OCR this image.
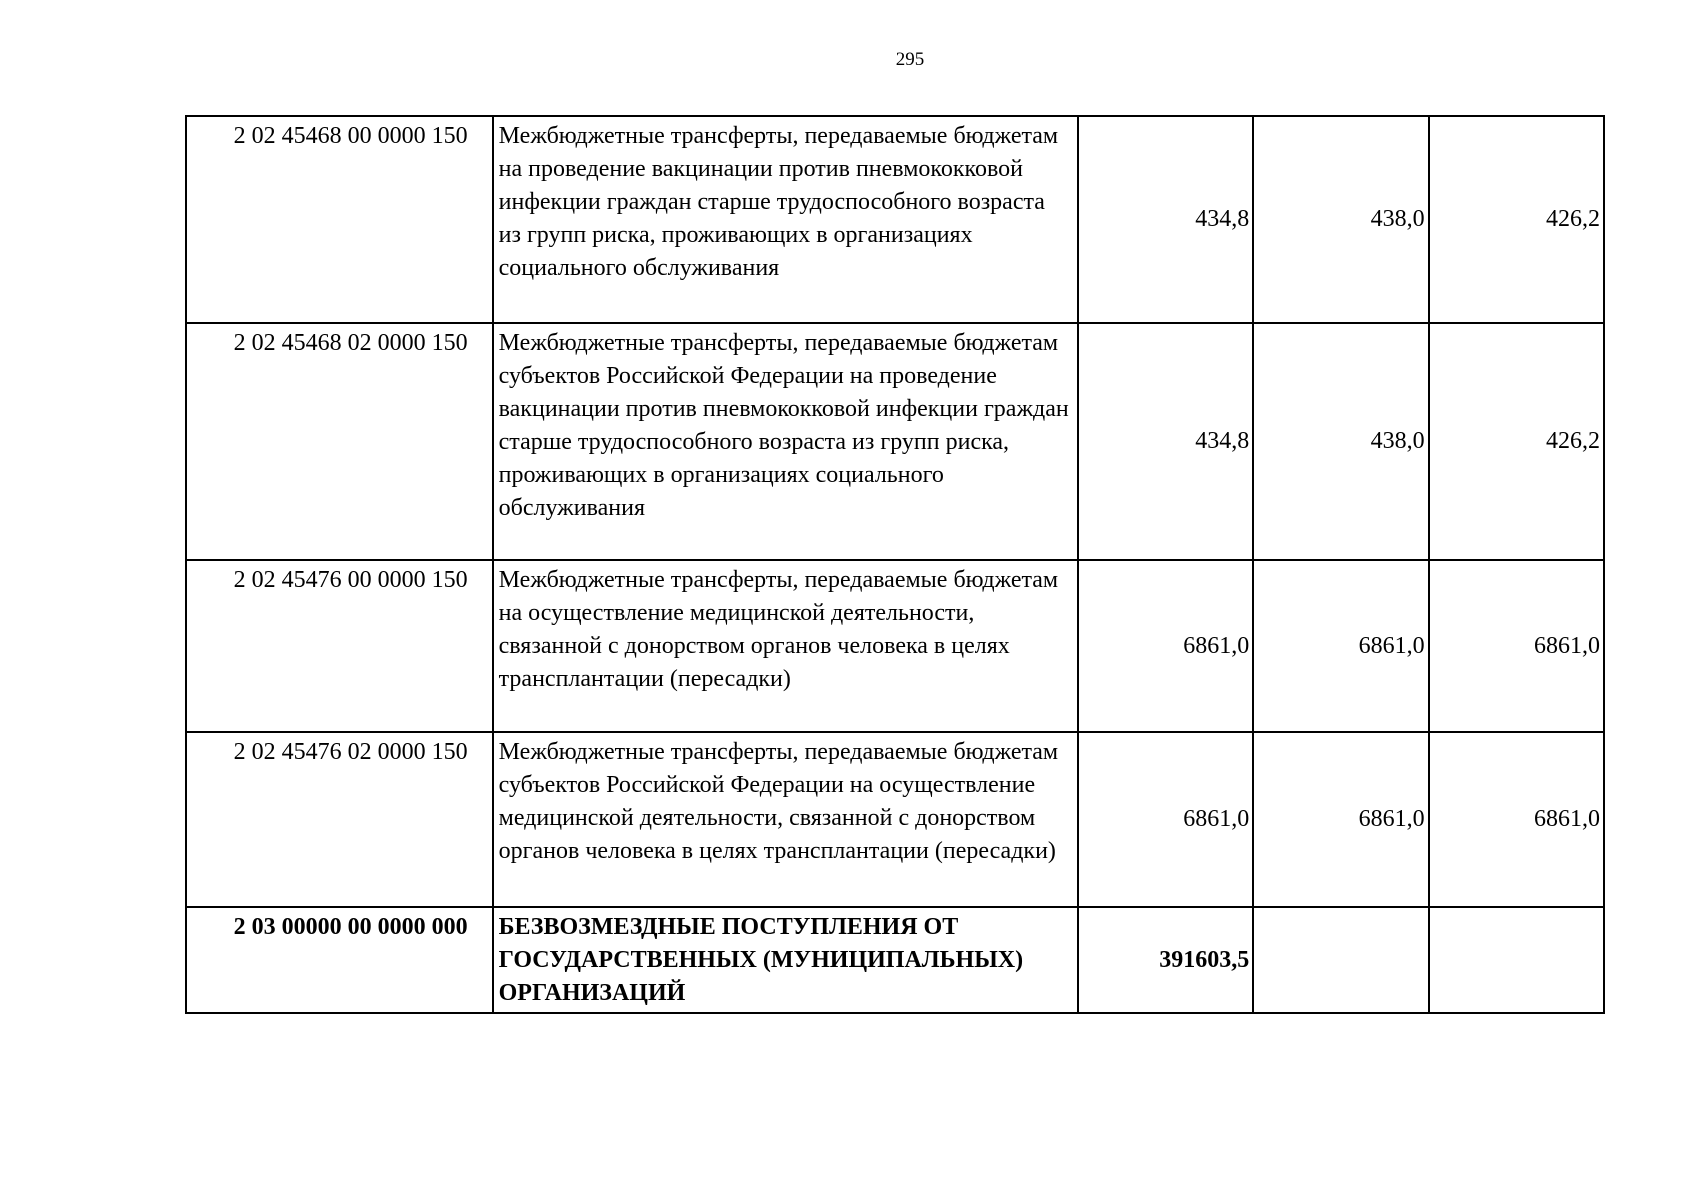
295
2 02 45468 00 0000 150	Межбюджетные трансферты, передаваемые бюджетам на проведение вакцинации против пневмококковой инфекции граждан старше трудоспособного возраста из групп риска, проживающих в организациях социального обслуживания	434,8	438,0	426,2
2 02 45468 02 0000 150	Межбюджетные трансферты, передаваемые бюджетам субъектов Российской Федерации на проведение вакцинации против пневмококковой инфекции граждан старше трудоспособного возраста из групп риска, проживающих в организациях социального обслуживания	434,8	438,0	426,2
2 02 45476 00 0000 150	Межбюджетные трансферты, передаваемые бюджетам на осуществление медицинской деятельности, связанной с донорством органов человека в целях трансплантации (пересадки)	6861,0	6861,0	6861,0
2 02 45476 02 0000 150	Межбюджетные трансферты, передаваемые бюджетам субъектов Российской Федерации на осуществление медицинской деятельности, связанной с донорством органов человека в целях трансплантации (пересадки)	6861,0	6861,0	6861,0
2 03 00000 00 0000 000	БЕЗВОЗМЕЗДНЫЕ ПОСТУПЛЕНИЯ ОТ ГОСУДАРСТВЕННЫХ (МУНИЦИПАЛЬНЫХ) ОРГАНИЗАЦИЙ	391603,5		
